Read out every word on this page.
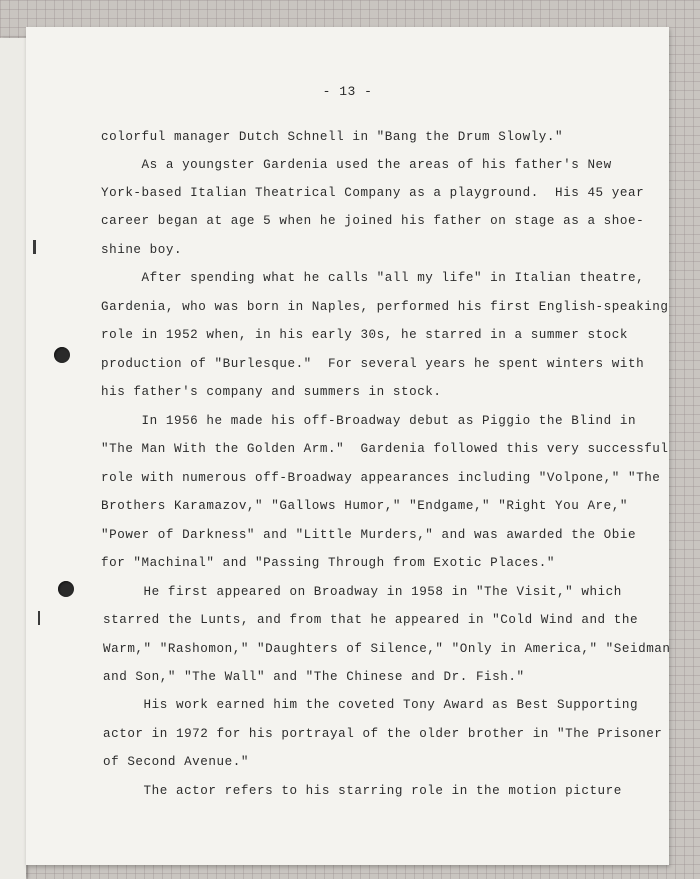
- 13 -
colorful manager Dutch Schnell in "Bang the Drum Slowly."
As a youngster Gardenia used the areas of his father's New
York-based Italian Theatrical Company as a playground.  His 45 year
career began at age 5 when he joined his father on stage as a shoe-
shine boy.
After spending what he calls "all my life" in Italian theatre,
Gardenia, who was born in Naples, performed his first English-speaking
role in 1952 when, in his early 30s, he starred in a summer stock
production of "Burlesque."  For several years he spent winters with
his father's company and summers in stock.
In 1956 he made his off-Broadway debut as Piggio the Blind in
"The Man With the Golden Arm."  Gardenia followed this very successful
role with numerous off-Broadway appearances including "Volpone," "The
Brothers Karamazov," "Gallows Humor," "Endgame," "Right You Are,"
"Power of Darkness" and "Little Murders," and was awarded the Obie
for "Machinal" and "Passing Through from Exotic Places."
He first appeared on Broadway in 1958 in "The Visit," which
starred the Lunts, and from that he appeared in "Cold Wind and the
Warm," "Rashomon," "Daughters of Silence," "Only in America," "Seidman
and Son," "The Wall" and "The Chinese and Dr. Fish."
His work earned him the coveted Tony Award as Best Supporting
actor in 1972 for his portrayal of the older brother in "The Prisoner
of Second Avenue."
The actor refers to his starring role in the motion picture
